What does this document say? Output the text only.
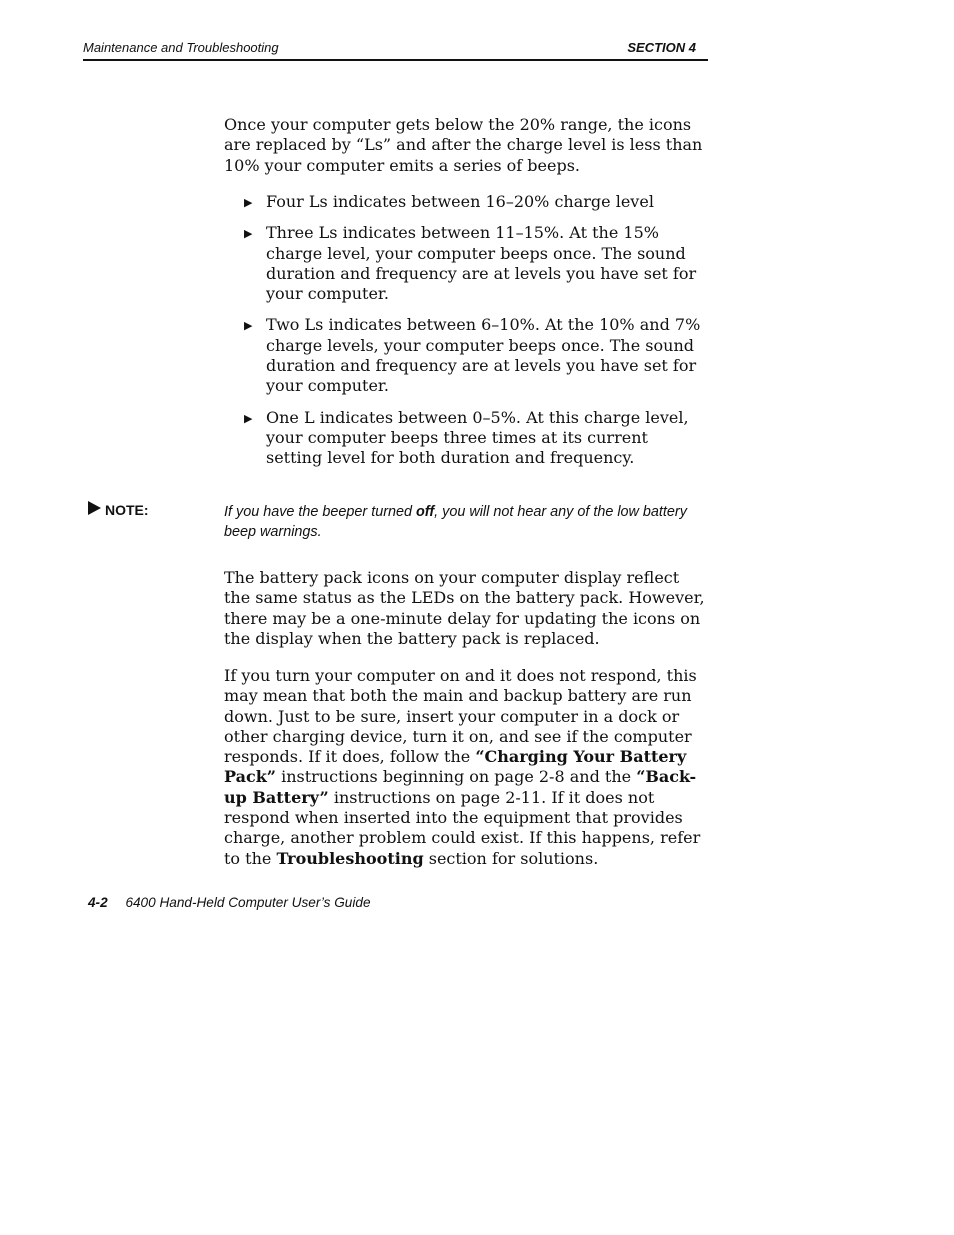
Maintenance and Troubleshooting	SECTION 4

Once your computer gets below the 20% range, the icons are replaced by “Ls” and after the charge level is less than 10% your computer emits a series of beeps.

▶ Four Ls indicates between 16–20% charge level
▶ Three Ls indicates between 11–15%. At the 15% charge level, your computer beeps once. The sound duration and frequency are at levels you have set for your computer.
▶ Two Ls indicates between 6–10%. At the 10% and 7% charge levels, your computer beeps once. The sound duration and frequency are at levels you have set for your computer.
▶ One L indicates between 0–5%. At this charge level, your computer beeps three times at its current setting level for both duration and frequency.
NOTE:	If you have the beeper turned off, you will not hear any of the low battery beep warnings.

The battery pack icons on your computer display reflect the same status as the LEDs on the battery pack. However, there may be a one-minute delay for updating the icons on the display when the battery pack is replaced.

If you turn your computer on and it does not respond, this may mean that both the main and backup battery are run down. Just to be sure, insert your computer in a dock or other charging device, turn it on, and see if the computer responds. If it does, follow the “Charging Your Battery Pack” instructions beginning on page 2-8 and the “Back-up Battery” instructions on page 2-11. If it does not respond when inserted into the equipment that provides charge, another problem could exist. If this happens, refer to the Troubleshooting section for solutions.

4-2 6400 Hand-Held Computer User’s Guide
